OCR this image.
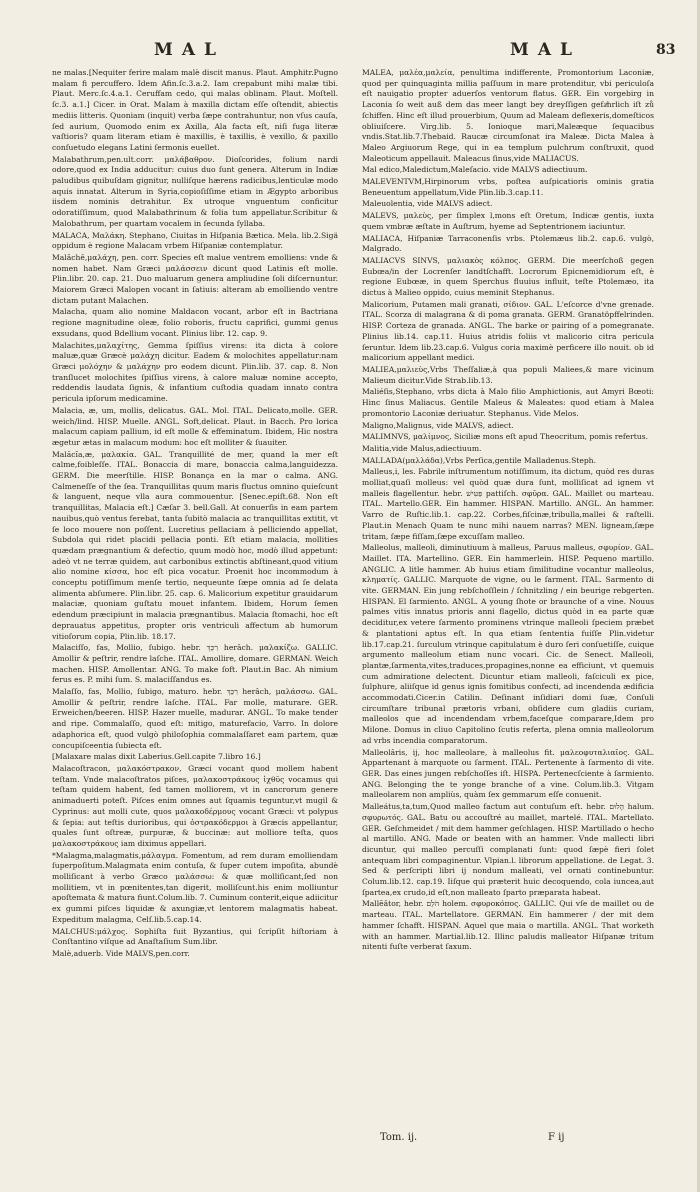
MAL	MAL	83

ne malas.[Nequiter ferire malam malè discit manus. Plaut. Amphitr.Pugno malam fi percuffero. Idem Afin.ſc.3.a.2. Iam crepabunt mihi malæ tibi. Plaut. Merc.ſc.4.a.1. Ceruffam cedo, qui malas oblinam. Plaut. Moſtell. ſc.3. a.1.] Cicer. in Orat. Malam à maxilla dictam eſſe oſtendit, abiectis mediis litteris. Quoniam (inquit) verba ſæpe contrahuntur, non vſus cauſa, ſed aurium, Quomodo enim ex Axilla, Ala facta eſt, niſi fuga literæ vaſtioris? quam literam etiam è maxillis, è taxillis, è vexillo, & paxillo conſuetudo elegans Latini ſermonis euellet.

Malabathrum,pen.ult.corr. μαλάβαθρον. Dioſcorides, folium nardi odore,quod ex India adducitur: cuius duo ſunt genera. Alterum in Indiæ paludibus quibuſdam gignitur, nulliſque hærens radicibus,lenticulæ modo aquis innatat. Alterum in Syria,copioſiſſime etiam in Ægypto arboribus iisdem nominis detrahitur. Ex utroque vnguentum conficitur odoratiſſimum, quod Malabathrinum & folia tum appellatur.Scribitur & Malobathrum, per quartam vocalem in ſecunda ſyllaba.

MALACA, Μαλάκη. Stephano, Ciuitas in Hiſpania Bætica. Mela. lib.2.Sigä oppidum è regione Malacam vrbem Hiſpaniæ contemplatur.

Malâchê,μαλάχη, pen. corr. Species eſt malue ventrem emolliens: vnde & nomen habet. Nam Græci μαλάσσειν dicunt quod Latinis eſt molle. Plin.libr. 20. cap. 21. Duo maluarum genera ampliudine ſoli diſcernuntur. Maiorem Græci Malopen vocant in ſatiuis: alteram ab emolliendo ventre dictam putant Malachen.

Malacha, quam alio nomine Maldacon vocant, arbor eſt in Bactriana regione magnitudine oleæ, folio roboris, fructu caprifici, gummi genus exsudans, quod Bdellium vocant. Plinius libr. 12. cap. 9.

Malachites,μαλαχίτης, Gemma ſpiſſius virens: ita dicta à colore maluæ,quæ Græcè μαλάχη dicitur. Eadem & molochites appellatur:nam Græci μολόχην & μαλάχην pro eodem dicunt. Plin.lib. 37. cap. 8. Non tranſlucet molochites ſpiſſius virens, à calore maluæ nomine accepto, reddendis laudata ſignis, & infantium cuſtodia quadam innato contra pericula ipſorum medicamine.

Malacia, æ, um, mollis, delicatus. GAL. Mol. ITAL. Delicato,molle. GER. weich/lind. HISP. Muelle. ANGL. Soft,delicat. Plaut. in Bacch. Pro lorica malacum capiam pallium, id eſt molle & effeminatum. Ibidem, Hic nostra ægetur ætas in malacum modum: hoc eſt molliter & ſuauiter.

Malăcĭa,æ, μαλακία. GAL. Tranquillité de mer, quand la mer eſt calme,foibleſſe. ITAL. Bonaccia di mare, bonaccia calma,languidezza. GERM. Die meerſtille. HISP. Bonança en la mar o calma. ANG. Calmeneſſe of the ſea. Tranquillitas quum maris fluctus omnino quieſcunt & languent, neque vlla aura commouentur. [Seneс.epiſt.68. Non eſt tranquillitas, Malacia eſt.] Cæſar 3. bell.Gall. At conuerſis in eam partem nauibus,quò ventus ferebat, tanta ſubitò malacia ac tranquillitas extitit, vt ſe loco mouere non poſſent. Lucretius pellaciam à pelliciendo appellat, Subdola qui ridet placidi pellacia ponti. Eſt etiam malacia, mollities quædam prægnantium & defectio, quum modò hoc, modò illud appetunt: adeò vt ne terræ quidem, aut carbonibus extinctis abſtineant,quod vitium alio nomine κίσσα, hoc eſt pica vocatur. Proenit hoc incommodum à conceptu potiſſimum menſe tertio, nequeunte ſæpe omnia ad ſe delata alimenta abſumere. Plin.libr. 25. cap. 6. Malicorium expetitur grauidarum malaciæ, quoniam guſtatu mouet infantem. Ibidem, Horum ſemen edendum præcipiunt in malacia prægnantibus. Malacia ſtomachi, hoc eſt deprauatus appetitus, propter oris ventriculi affectum ab humorum vitioſorum copia, Plin.lib. 18.17.

Malaciſſo, fas, Mollio, ſubigo. hebr. רִכֵּךְ herâch. μαλακίζω. GALLIC. Amollir & peſtrir, rendre laſche. ITAL. Amollire, domare. GERMAN. Weich machen. HISP. Amollentar. ANG. To make ſoft. Plaut.in Bac. Ah nimium ferus es. P. mihi ſum. S. malaciſſandus es.

Malaſſo, fas, Mollio, ſubigo, maturo. hebr. רִכֵּךְ herâch, μαλάσσω. GAL. Amollir & peſtrir, rendre laſche. ITAL. Far molle, maturare. GER. Erweichen/beeren. HISP. Hazer muelle, madurar. ANGL. To make tender and ripe. Commalaſſo, quod eſt: mitigo, maturefacio, Varro. In dolore adaphorica eſt, quod vulgò philoſophia commalaſſaret eam partem, quæ concupiſceentia ſubiecta eſt.

[Malaxare malas dixit Laberius.Gell.capite 7.libro 16.]

Malacoſtracon, μαλακόστρακον, Græci vocant quod mollem habent teſtam. Vnde malacoſtratos piſces, μαλακοστράκους ἰχθῦς vocamus qui teſtam quidem habent, ſed tamen molliorem, vt in cancrorum genere animaduerti poteſt. Piſces enim omnes aut ſquamis teguntur,vt mugil & Cyprinus: aut molli cute, quos μαλακοδέρμους vocant Græci: vt polypus & ſepia: aut teſtis durioribus, qui ὀστρακόδερμοι à Græcis appellantur, quales ſunt oſtreæ, purpuræ, & buccinæ: aut molliore teſta, quos μαλακοστράκους iam diximus appellari.

*Malagma,malagmatis,μάλαγμα. Fomentum, ad rem duram emolliendam ſuperpoſitum.Malagmata enim contuſa, & ſuper cutem impoſita, abundè molliſicant à verbo Græco μαλάσσω: & quæ molliſicant,ſed non mollitiem, vt in pœnitentes,tan digerit, molliſcunt.his enim molliuntur apoſtemata & matura fiunt.Colum.lib. 7. Cuminum conterit,eique adiicitur ex gummi piſces liquidæ & axungiæ,vt lentorem malagmatis habeat. Expeditum malagma, Celſ.lib.5.cap.14.

MALCHUS:μάλχος. Sophiſta fuit Byzantius, qui ſcripſit hiſtoriam à Conſtantino viſque ad Anaſtaſium Sum.libr.

Malè,aduerb. Vide MALVS,pen.corr.

MALEA, μαλέα,μαλεία, penultima indifferente, Promontorium Laconiæ, quod per quinquaginta millia paſſuum in mare protenditur, vbi periculoſa eſt nauigatio propter aduerſos ventorum flatus. GER. Ein vorgebirg in Laconia ſo weit auß dem das meer langt bey dreyſſigen gefaͤhrlich iſt zů ſchiffen. Hinc eſt illud prouerbium, Quum ad Maleam deflexeris,domeſticos obliuiſcere. Virg.lib. 5. Ionioque mari,Maleæque ſequacibus vndis.Stat.lib.7.Thebaid. Raucæ circumſonat ira Maleæ. Dicta Malea à Maleo Argiuorum Rege, qui in ea templum pulchrum conſtruxit, quod Maleoticum appellauit. Maleacus ſinus,vide MALIACUS.

Mal edico,Maledictum,Maleſacio. vide MALVS adiectiuum.

MALEVENTVM,Hirpinorum vrbs, poſtea auſpicatioris ominis gratia Beneuentum appellatum,Vide Plin.lib.3.cap.11.

Maleuolentia, vide MALVS adiect.

MALEVS, μαλεὺς, per ſimplex l,mons eſt Oretum, Indicæ gentis, iuxta quem vmbræ æſtate in Auſtrum, hyeme ad Septentrionem iaciuntur.

MALIACA, Hiſpaniæ Tarraconenſis vrbs. Ptolemæus lib.2. cap.6. vulgò, Malgrado.

MALIACVS SINVS, μαλιακὸς κόλπος. GERM. Die meerſchoß gegen Eubœa/in der Locrenſer landtſchafft. Locrorum Epicnemidiorum eſt, è regione Eubœæ, in quem Sperchus fluuius influit, teſte Ptolemæo, ita dictus à Malieo oppido, cuius meminit Stephanus.

Malicorium, Putamen mali granati, σίδιον. GAL. L'eſcorce d'vne grenade. ITAL. Scorza di malagrana & di poma granata. GERM. Granatöpffelrinden. HISP. Corteza de granada. ANGL. The barke or pairing of a pomegranate. Plinius lib.14. cap.11. Huius atridis foliis vt malicorio citra pericula ſeruntur. Idem lib.23.cap.6. Vulgus coria maximè perficere illo nouit. ob id malicorium appellant medici.

MALIEA,μαλιεὺς,Vrbs Theſſaliæ,à qua populi Malieeѕ,& mare vicinum Malieum dicitur.Vide Strab.lib.13.

Maliéſis,Stephano, vrbs dicta à Malo filio Amphictionis, aut Amyri Bœoti: Hinc ſinus Maliacus. Gentile Maleus & Maleates: quod etiam à Malea promontorio Laconiæ deriuatur. Stephanus. Vide Melos.

Maligno,Malignus, vide MALVS, adiect.

MALIMNVS, μαλίμνος, Siciliæ mons eſt apud Theocritum, pomis refertus.

Malitia,vide Malus,adiectiuum.

MALLADA(μαλλάδα),Vrbs Perſica,gentile Malladenus.Steph.

Malleus,i, les. Fabrile inſtrumentum notiſſimum, ita dictum, quòd res duras molliat,quaſi molleus: vel quòd quæ dura ſunt, molliſicat ad ignem vt malleis flagellentur. hebr. פַּטִּישׁ pattiſch. σφῦρα. GAL. Maillet ou marteau. ITAL. Martello.GER. Ein hammer. HISPAN. Martillo. ANGL. An hammer. Varro de Ruſtic.lib.1. cap.22. Corbes,fiſcinæ,tribulla,mallei & raſtelli. Plaut.in Menach Quam te nunc mihi nauem narras? MEN. ligneam,ſæpe tritam, ſæpe fiſſam,ſæpe excuſſam malleo.

Malleolus, malleoli, diminutiuum à malleus, Paruus malleus, σφυρίον. GAL. Maillet. ITA. Martellino. GER. Ein hammerlein. HISP. Pequeno martillo. ANGLIC. A litle hammer. Ab huius etiam ſimilitudine vocantur malleolus, κληματίς. GALLIC. Marquote de vigne, ou le ſarment. ITAL. Sarmento di vite. GERMAN. Ein jung rebſchoſſlein / ſchnitzling / ein beurige rebgerten. HISPAN. El ſarmiento. ANGL. A young ſhote or braunche of a vine. Nouus palmes vitis innatus prioris anni flagello, dictus quòd in ea parte quæ deciditur,ex vetere ſarmento prominens vtrinque malleoli ſpeciem præbet & plantationi aptus eſt. In qua etiam ſententia fuiſſe Plin.videtur lib.17.cap.21. ſurculum vtrinque capitulatum è duro ſeri conſuetiſſe, cuique argumento malleolum etiam nunc vocari. Cic. de Senect. Malleoli, plantæ,ſarmenta,vites,traduces,propagines,nonne ea efficiunt, vt quemuis cum admiratione delectent. Dicuntur etiam malleoli, faſciculi ex pice, ſulphure, aliiſque id genus ignis fomitibus confecti, ad incendenda ædificia accommodati.Cicer.in Catilin. Deſinant inſidiari domi ſuæ, Conſuli circumſtare tribunal prætoris vrbani, obſidere cum gladiis curiam, malleolos que ad incendendam vrbem,faceſque comparare,Idem pro Milone. Domus in cliuo Capitolino ſcutis referta, plena omnia malleolorum ad vrbs incendia comparatorum.

Malleolâris, ij, hoc malleolare, à malleolus fit. μαλεοφυταλιαῖος. GAL. Appartenant à marquote ou ſarment. ITAL. Pertenente à ſarmento di vite. GER. Das eines jungen rebſchoſſes iſt. HISPA. Pertenecſciente à ſarmiento. ANG. Belonging the te yonge branche of a vine. Colum.lib.3. Vitgam malleolarem non ampliùs, quàm ſex gemmarum eſſe conuenit.

Malleátus,ta,tum,Quod malleo factum aut contuſum eſt. hebr. הָלוּם halum. σφυρωτός. GAL. Batu ou accouſtré au maillet, martelé. ITAL. Martellato. GER. Geſchmeidet / mit dem hammer geſchlagen. HISP. Martillado o hecho al martillo. ANG. Made or beaten with an hammer. Vnde mallecti libri dicuntur, qui malleo percuſſi complanati ſunt: quod ſæpè fieri ſolet antequam libri compaginentur. Vlpian.l. librorum appellatione. de Legat. 3. Sed & perſcripti libri ij nondum malleati, vel ornati continebuntur. Colum.lib.12. cap.19. Iiſque qui præterit huic decoquendo, cola iuncea,aut ſpartea,ex crudo,id eſt,non malleato ſparto præparata habeat.

Mallĕâtor, hebr. הֹלֵם holem. σφυροκόπος. GALLIC. Qui vſe de maillet ou de marteau. ITAL. Martellatore. GERMAN. Ein hammerer / der mit dem hammer ſchafft. HISPAN. Aquel que maia o martilla. ANGL. That worketh with an hammer. Martial.lib.12. Illinc paludis malleator Hiſpanæ tritum nitenti fuſte verberat ſaxum.

Tom. ij.	F ij
